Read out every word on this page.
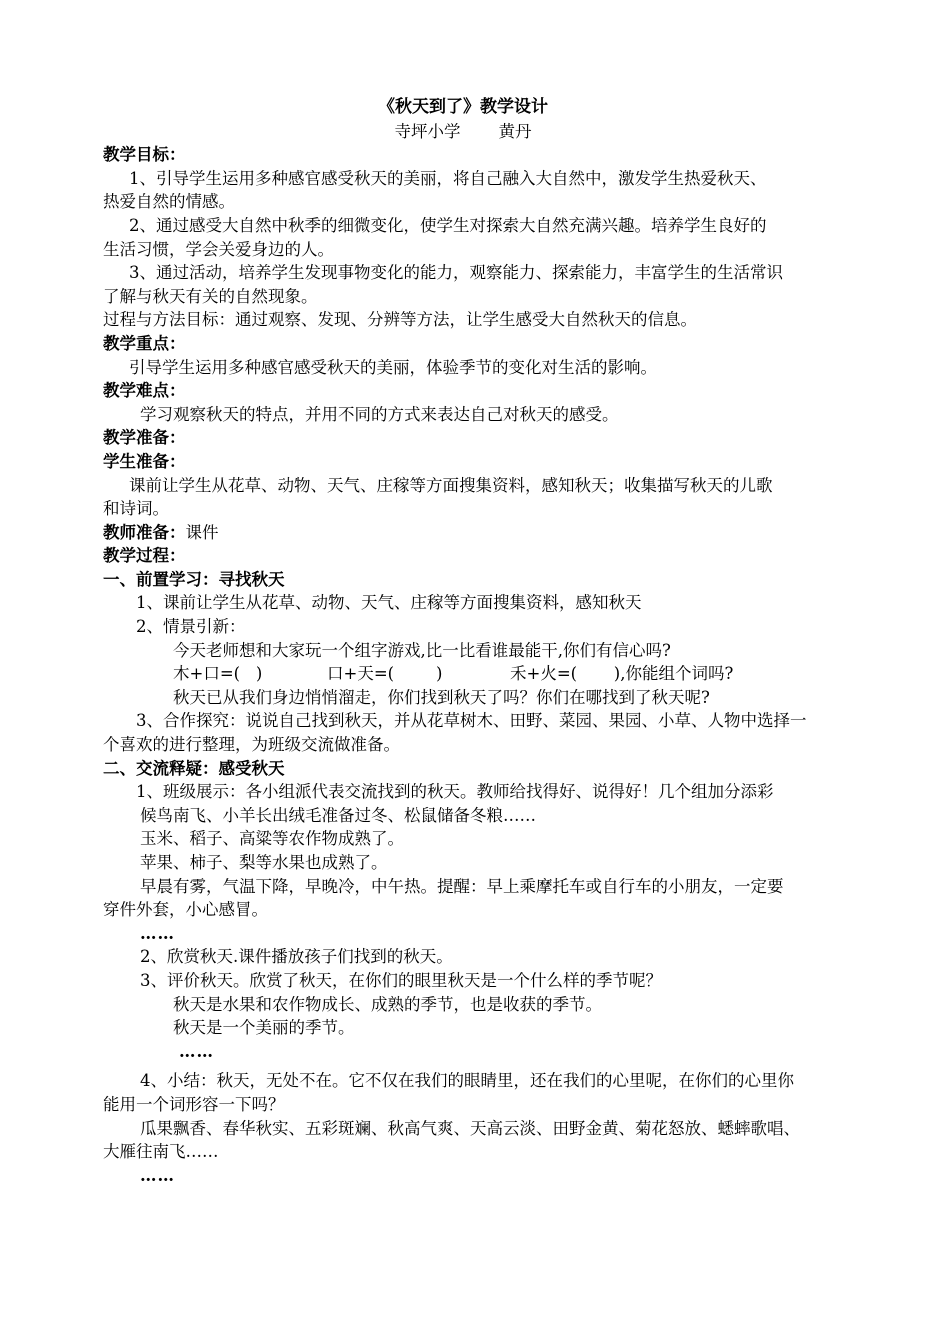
《秋天到了》教学设计
寺坪小学 黄丹
教学目标：
1、引导学生运用多种感官感受秋天的美丽，将自己融入大自然中，激发学生热爱秋天、
热爱自然的情感。
2、通过感受大自然中秋季的细微变化，使学生对探索大自然充满兴趣。培养学生良好的
生活习惯，学会关爱身边的人。
3、通过活动，培养学生发现事物变化的能力，观察能力、探索能力，丰富学生的生活常识
了解与秋天有关的自然现象。
过程与方法目标：通过观察、发现、分辨等方法，让学生感受大自然秋天的信息。
教学重点：
引导学生运用多种感官感受秋天的美丽，体验季节的变化对生活的影响。
教学难点：
学习观察秋天的特点，并用不同的方式来表达自己对秋天的感受。
教学准备：
学生准备：
课前让学生从花草、动物、天气、庄稼等方面搜集资料，感知秋天；收集描写秋天的儿歌
和诗词。
教师准备：课件
教学过程：
一、前置学习：寻找秋天
1、课前让学生从花草、动物、天气、庄稼等方面搜集资料，感知秋天
2、情景引新：
今天老师想和大家玩一个组字游戏,比一比看谁最能干,你们有信心吗?
木+口=(   )	口+天=(        )	禾+火=(       ),你能组个词吗?
秋天已从我们身边悄悄溜走，你们找到秋天了吗？你们在哪找到了秋天呢?
3、合作探究：说说自己找到秋天，并从花草树木、田野、菜园、果园、小草、人物中选择一
个喜欢的进行整理，为班级交流做准备。
二、交流释疑：感受秋天
1、班级展示：各小组派代表交流找到的秋天。教师给找得好、说得好！几个组加分添彩
候鸟南飞、小羊长出绒毛准备过冬、松鼠储备冬粮……
玉米、稻子、高粱等农作物成熟了。
苹果、柿子、梨等水果也成熟了。
早晨有雾，气温下降，早晚冷，中午热。提醒：早上乘摩托车或自行车的小朋友，一定要
穿件外套，小心感冒。
……
2、欣赏秋天.课件播放孩子们找到的秋天。
3、评价秋天。欣赏了秋天，在你们的眼里秋天是一个什么样的季节呢？
秋天是水果和农作物成长、成熟的季节，也是收获的季节。
秋天是一个美丽的季节。
……
4、小结：秋天，无处不在。它不仅在我们的眼睛里，还在我们的心里呢，在你们的心里你
能用一个词形容一下吗？
瓜果飘香、春华秋实、五彩斑斓、秋高气爽、天高云淡、田野金黄、菊花怒放、蟋蟀歌唱、
大雁往南飞……
……
